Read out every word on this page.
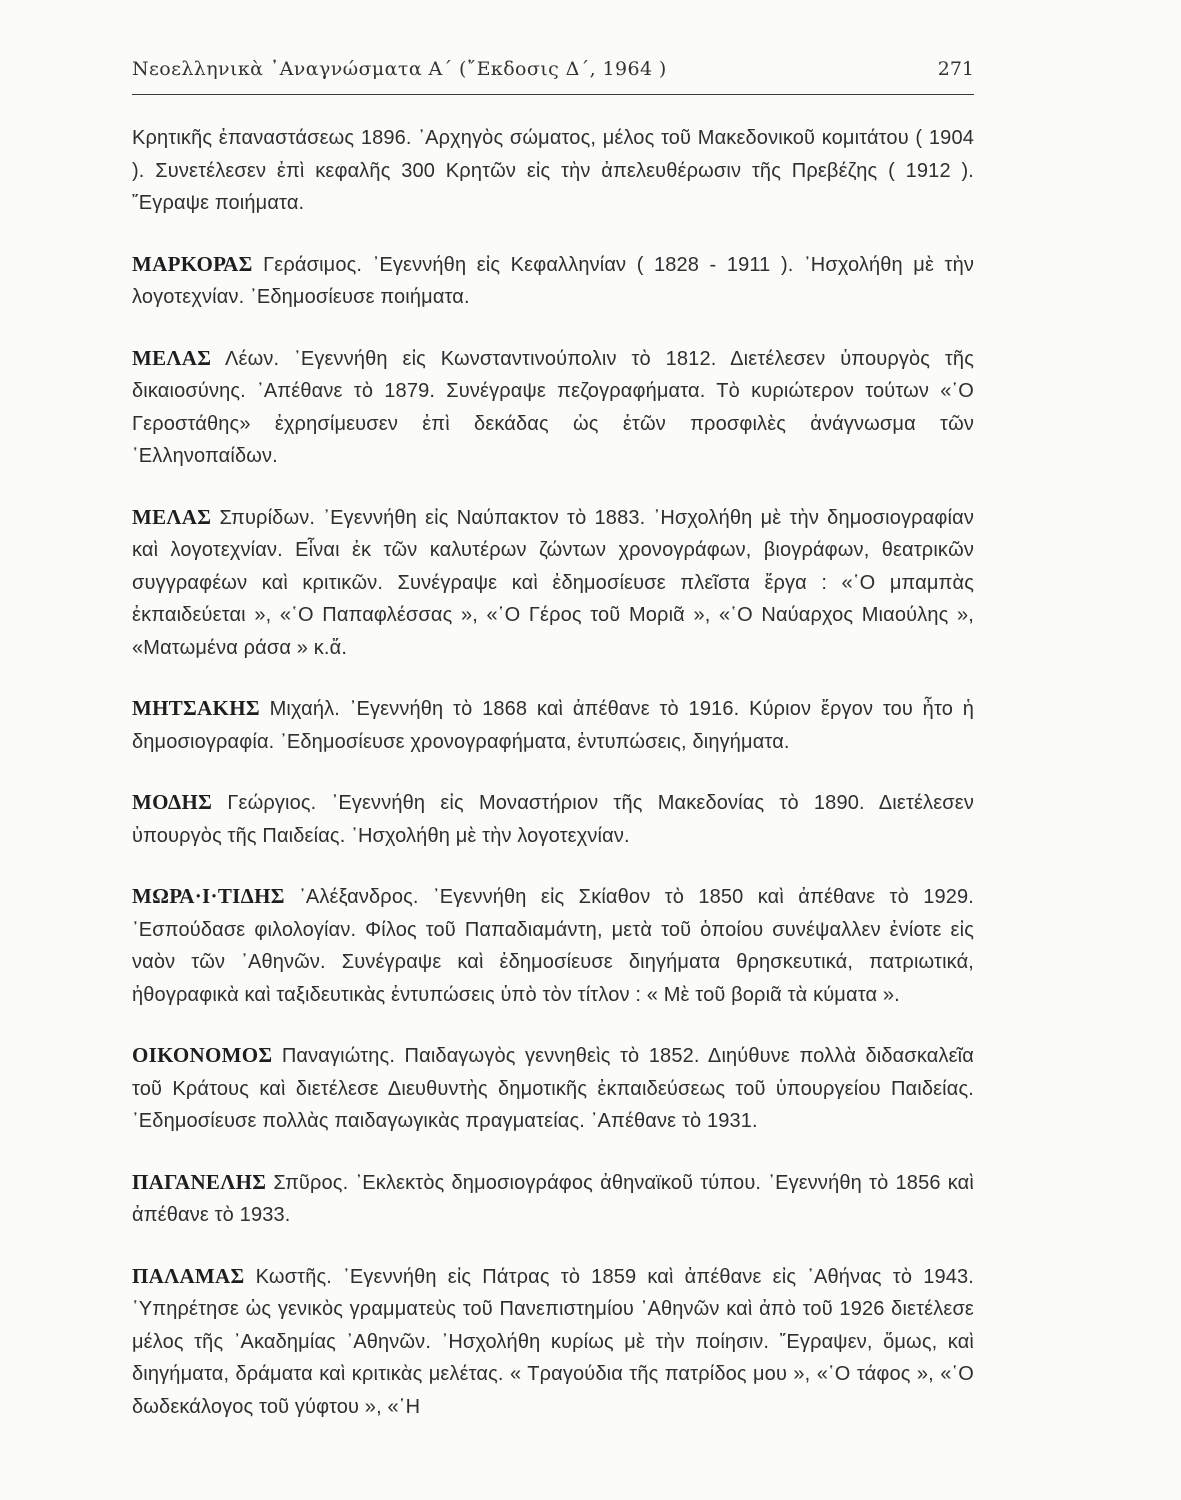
Νεοελληνικὰ ᾿Αναγνώσματα Α΄ (῎Εκδοσις Δ΄, 1964 )	271

Κρητικῆς ἐπαναστάσεως 1896. ᾿Αρχηγὸς σώματος, μέλος τοῦ Μακεδονικοῦ κομιτάτου ( 1904 ). Συνετέλεσεν ἐπὶ κεφαλῆς 300 Κρητῶν εἰς τὴν ἀπελευθέρωσιν τῆς Πρεβέζης ( 1912 ). ῎Εγραψε ποιήματα.

ΜΑΡΚΟΡΑΣ Γεράσιμος. ᾿Εγεννήθη εἰς Κεφαλληνίαν ( 1828 - 1911 ). ᾿Ησχολήθη μὲ τὴν λογοτεχνίαν. ᾿Εδημοσίευσε ποιήματα.

ΜΕΛΑΣ Λέων. ᾿Εγεννήθη εἰς Κωνσταντινούπολιν τὸ 1812. Διετέλεσεν ὑπουργὸς τῆς δικαιοσύνης. ᾿Απέθανε τὸ 1879. Συνέγραψε πεζογραφήματα. Τὸ κυριώτερον τούτων «῾Ο Γεροστάθης» ἐχρησίμευσεν ἐπὶ δεκάδας ὡς ἐτῶν προσφιλὲς ἀνάγνωσμα τῶν ῾Ελληνοπαίδων.

ΜΕΛΑΣ Σπυρίδων. ᾿Εγεννήθη εἰς Ναύπακτον τὸ 1883. ᾿Ησχολήθη μὲ τὴν δημοσιογραφίαν καὶ λογοτεχνίαν. Εἶναι ἐκ τῶν καλυτέρων ζώντων χρονογράφων, βιογράφων, θεατρικῶν συγγραφέων καὶ κριτικῶν. Συνέγραψε καὶ ἐδημοσίευσε πλεῖστα ἔργα : «῾Ο μπαμπὰς ἐκπαιδεύεται », «῾Ο Παπαφλέσσας », «῾Ο Γέρος τοῦ Μοριᾶ », «῾Ο Ναύαρχος Μιαούλης », «Ματωμένα ράσα » κ.ἄ.

ΜΗΤΣΑΚΗΣ Μιχαήλ. ᾿Εγεννήθη τὸ 1868 καὶ ἀπέθανε τὸ 1916. Κύριον ἔργον του ἦτο ἡ δημοσιογραφία. ᾿Εδημοσίευσε χρονογραφήματα, ἐντυπώσεις, διηγήματα.

ΜΟΔΗΣ Γεώργιος. ᾿Εγεννήθη εἰς Μοναστήριον τῆς Μακεδονίας τὸ 1890. Διετέλεσεν ὑπουργὸς τῆς Παιδείας. ᾿Ησχολήθη μὲ τὴν λογοτεχνίαν.

ΜΩΡΑ·Ι·ΤΙΔΗΣ ᾿Αλέξανδρος. ᾿Εγεννήθη εἰς Σκίαθον τὸ 1850 καὶ ἀπέθανε τὸ 1929. ᾿Εσπούδασε φιλολογίαν. Φίλος τοῦ Παπαδιαμάντη, μετὰ τοῦ ὁποίου συνέψαλλεν ἐνίοτε εἰς ναὸν τῶν ᾿Αθηνῶν. Συνέγραψε καὶ ἐδημοσίευσε διηγήματα θρησκευτικά, πατριωτικά, ἠθογραφικὰ καὶ ταξιδευτικὰς ἐντυπώσεις ὑπὸ τὸν τίτλον : « Μὲ τοῦ βοριᾶ τὰ κύματα ».

ΟΙΚΟΝΟΜΟΣ Παναγιώτης. Παιδαγωγὸς γεννηθεὶς τὸ 1852. Διηύθυνε πολλὰ διδασκαλεῖα τοῦ Κράτους καὶ διετέλεσε Διευθυντὴς δημοτικῆς ἐκπαιδεύσεως τοῦ ὑπουργείου Παιδείας. ᾿Εδημοσίευσε πολλὰς παιδαγωγικὰς πραγματείας. ᾿Απέθανε τὸ 1931.

ΠΑΓΑΝΕΛΗΣ Σπῦρος. ᾿Εκλεκτὸς δημοσιογράφος ἀθηναϊκοῦ τύπου. ᾿Εγεννήθη τὸ 1856 καὶ ἀπέθανε τὸ 1933.

ΠΑΛΑΜΑΣ Κωστῆς. ᾿Εγεννήθη εἰς Πάτρας τὸ 1859 καὶ ἀπέθανε εἰς ᾿Αθήνας τὸ 1943. ῾Υπηρέτησε ὡς γενικὸς γραμματεὺς τοῦ Πανεπιστημίου ᾿Αθηνῶν καὶ ἀπὸ τοῦ 1926 διετέλεσε μέλος τῆς ᾿Ακαδημίας ᾿Αθηνῶν. ᾿Ησχολήθη κυρίως μὲ τὴν ποίησιν. ῎Εγραψεν, ὅμως, καὶ διηγήματα, δράματα καὶ κριτικὰς μελέτας. « Τραγούδια τῆς πατρίδος μου », «῾Ο τάφος », «῾Ο δωδεκάλογος τοῦ γύφτου », «῾Η
